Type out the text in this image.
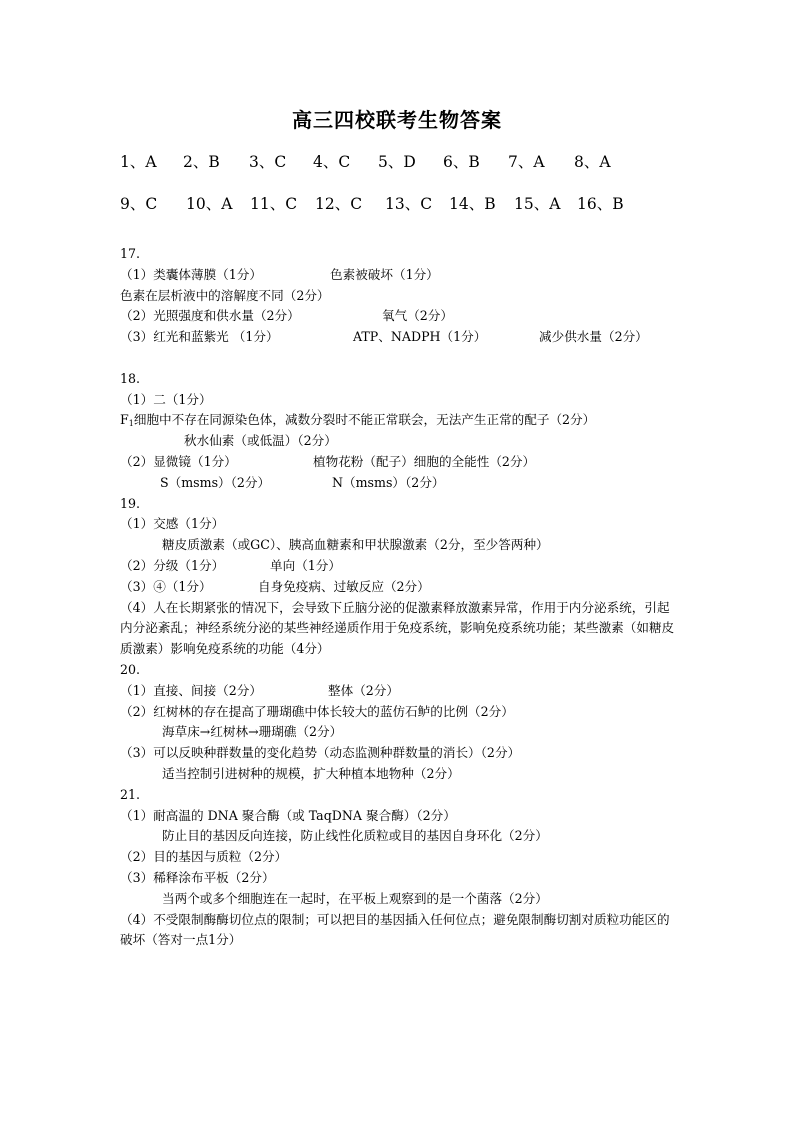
高三四校联考生物答案
1、A 2、B 3、C 4、C 5、D 6、B 7、A 8、A
9、C 10、A 11、C 12、C 13、C 14、B 15、A 16、B
17.
（1）类囊体薄膜（1分）	色素被破坏（1分）
色素在层析液中的溶解度不同（2分）
（2）光照强度和供水量（2分）	氧气（2分）
（3）红光和蓝紫光 （1分）	ATP、NADPH（1分）	减少供水量（2分）
18.
（1）二（1分）
$F_1$细胞中不存在同源染色体，减数分裂时不能正常联会，无法产生正常的配子（2分）
秋水仙素（或低温）（2分）
（2）显微镜（1分）	植物花粉（配子）细胞的全能性（2分）
S（msms）（2分）	N（msms）（2分）
19.
（1）交感（1分）
糖皮质激素（或GC）、胰高血糖素和甲状腺激素（2分，至少答两种）
（2）分级（1分）	单向（1分）
（3）④（1分）	自身免疫病、过敏反应（2分）
（4）人在长期紧张的情况下，会导致下丘脑分泌的促激素释放激素异常，作用于内分泌系统，引起内分泌紊乱；神经系统分泌的某些神经递质作用于免疫系统，影响免疫系统功能；某些激素（如糖皮质激素）影响免疫系统的功能（4分）
20.
（1）直接、间接（2分）	整体（2分）
（2）红树林的存在提高了珊瑚礁中体长较大的蓝仿石鲈的比例（2分）
海草床→红树林→珊瑚礁（2分）
（3）可以反映种群数量的变化趋势（动态监测种群数量的消长）（2分）
适当控制引进树种的规模，扩大种植本地物种（2分）
21.
（1）耐高温的 DNA 聚合酶（或 TaqDNA 聚合酶）（2分）
防止目的基因反向连接，防止线性化质粒或目的基因自身环化（2分）
（2）目的基因与质粒（2分）
（3）稀释涂布平板（2分）
当两个或多个细胞连在一起时，在平板上观察到的是一个菌落（2分）
（4）不受限制酶酶切位点的限制；可以把目的基因插入任何位点；避免限制酶切割对质粒功能区的破坏（答对一点1分）
